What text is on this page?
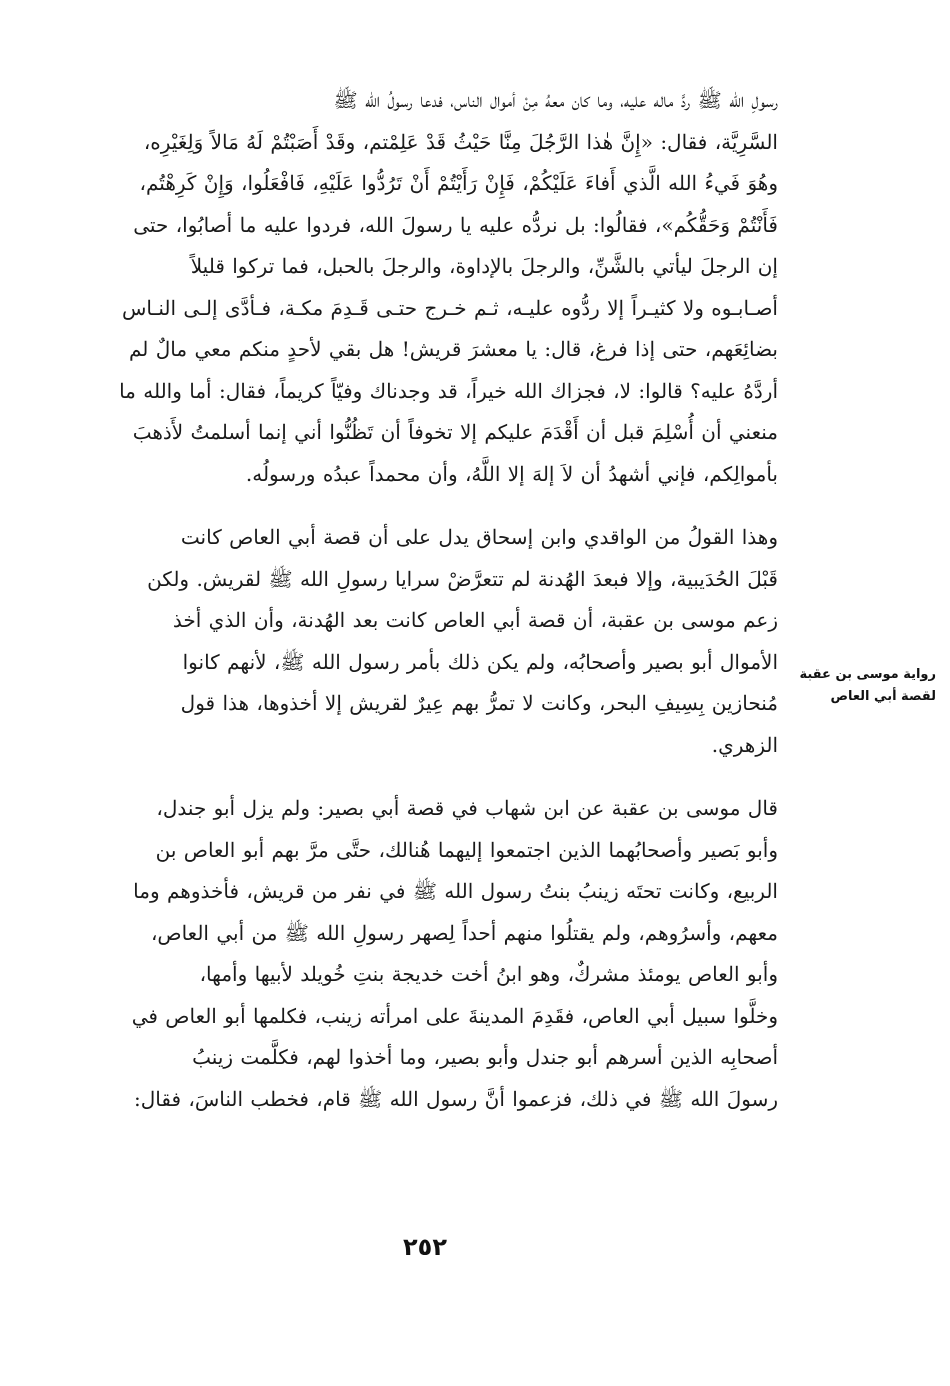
رسولِ الله ﷺ ردَّ ماله عليه، وما كان معهُ مِنْ أموال الناس، فدعا رسولُ الله ﷺ
السَّرِيَّة، فقال: «إِنَّ هٰذا الرَّجُلَ مِنَّا حَيْثُ قَدْ عَلِمْتم، وقَدْ أَصَبْتُمْ لَهُ مَالاً وَلِغَيْرِه،
وهُوَ فَيءُ الله الَّذي أَفاءَ عَلَيْكُمْ، فَإِنْ رَأَيْتُمْ أَنْ تَرُدُّوا عَلَيْهِ، فَافْعَلُوا، وَإِنْ كَرِهْتُم،
فَأَنْتُمْ وَحَقُّكُم»، فقالُوا: بل نردُّه عليه يا رسولَ الله، فردوا عليه ما أصابُوا، حتى
إن الرجلَ ليأتي بالشَّنِّ، والرجلَ بالإداوة، والرجلَ بالحبل، فما تركوا قليلاً
أصـابـوه ولا كثيـراً إلا ردُّوه عليـه، ثـم خـرج حتـى قَـدِمَ مكـة، فـأدَّى إلـى النـاس
بضائِعَهم، حتى إذا فرغ، قال: يا معشرَ قريش! هل بقي لأحدٍ منكم معي مالٌ لم
أردَّهُ عليه؟ قالوا: لا، فجزاك الله خيراً، قد وجدناك وفيّاً كريماً، فقال: أما والله ما
منعني أن أُسْلِمَ قبل أن أَقْدَمَ عليكم إلا تخوفاً أن تَظُنُّوا أني إنما أسلمتُ لأَذهبَ
بأموالِكم، فإني أشهدُ أن لاَ إلهَ إلا اللَّهُ، وأن محمداً عبدُه ورسولُه.

وهذا القولُ من الواقدي وابن إسحاق يدل على أن قصة أبي العاص كانت
قَبْلَ الحُدَيبية، وإلا فبعدَ الهُدنة لم تتعرَّضْ سرايا رسولِ الله ﷺ لقريش. ولكن
زعم موسى بن عقبة، أن قصة أبي العاص كانت بعد الهُدنة، وأن الذي أخذ
الأموال أبو بصير وأصحابُه، ولم يكن ذلك بأمر رسول الله ﷺ، لأنهم كانوا
مُنحازين بِسِيفِ البحر، وكانت لا تمرُّ بهم عِيرٌ لقريش إلا أخذوها، هذا قول
الزهري.

قال موسى بن عقبة عن ابن شهاب في قصة أبي بصير: ولم يزل أبو جندل،
وأبو بَصير وأصحابُهما الذين اجتمعوا إليهما هُنالك، حتَّى مرَّ بهم أبو العاص بن
الربيع، وكانت تحتَه زينبُ بنتُ رسول الله ﷺ في نفر من قريش، فأخذوهم وما
معهم، وأسرُوهم، ولم يقتلُوا منهم أحداً لِصهر رسولِ الله ﷺ من أبي العاص،
وأبو العاص يومئذ مشركٌ، وهو ابنُ أخت خديجة بنتِ خُويلد لأبيها وأمها،
وخلَّوا سبيل أبي العاص، فقَدِمَ المدينةَ على امرأته زينب، فكلمها أبو العاص في
أصحابِه الذين أسرهم أبو جندل وأبو بصير، وما أخذوا لهم، فكلَّمت زينبُ
رسولَ الله ﷺ في ذلك، فزعموا أنَّ رسول الله ﷺ قام، فخطب الناسَ، فقال:

رواية موسى بن عقبة
لقصة أبي العاص
٢٥٢
